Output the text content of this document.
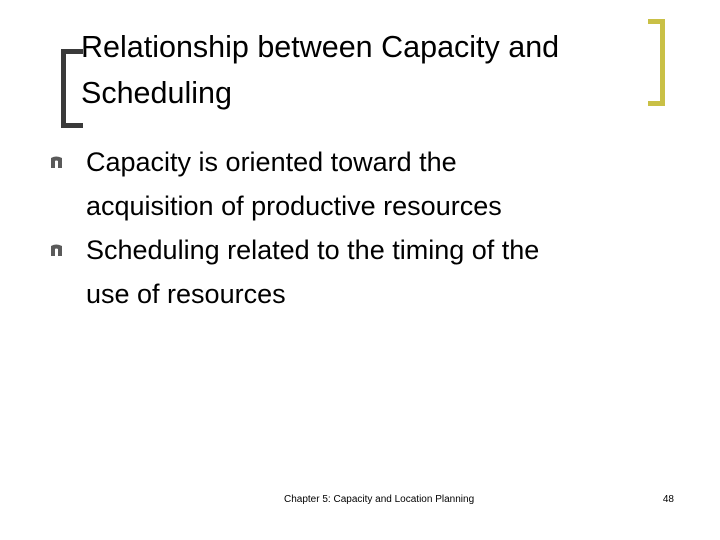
Relationship between Capacity and
Scheduling
Capacity is oriented toward the
acquisition of productive resources
Scheduling related to the timing of the
use of resources
Chapter 5: Capacity and Location Planning	48
